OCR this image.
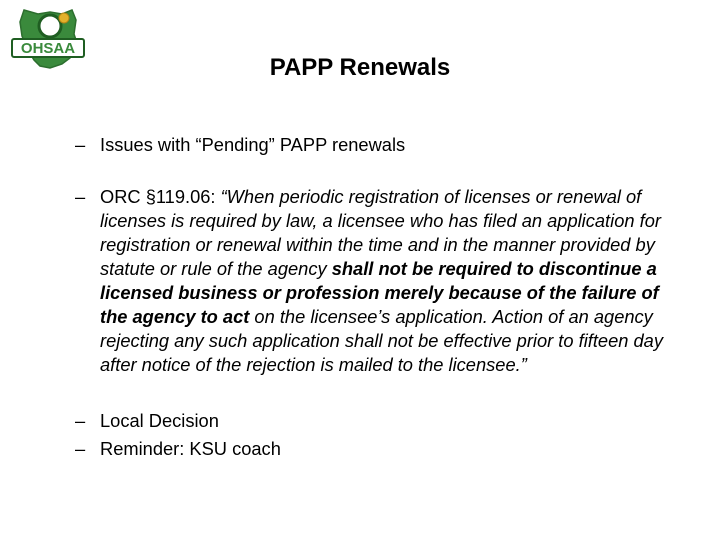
OHSAA
PAPP Renewals
– Issues with “Pending” PAPP renewals
– ORC §119.06: “When periodic registration of licenses or renewal of licenses is required by law, a licensee who has filed an application for registration or renewal within the time and in the manner provided by statute or rule of the agency shall not be required to discontinue a licensed business or profession merely because of the failure of the agency to act on the licensee’s application. Action of an agency rejecting any such application shall not be effective prior to fifteen day after notice of the rejection is mailed to the licensee.”
– Local Decision
– Reminder: KSU coach
